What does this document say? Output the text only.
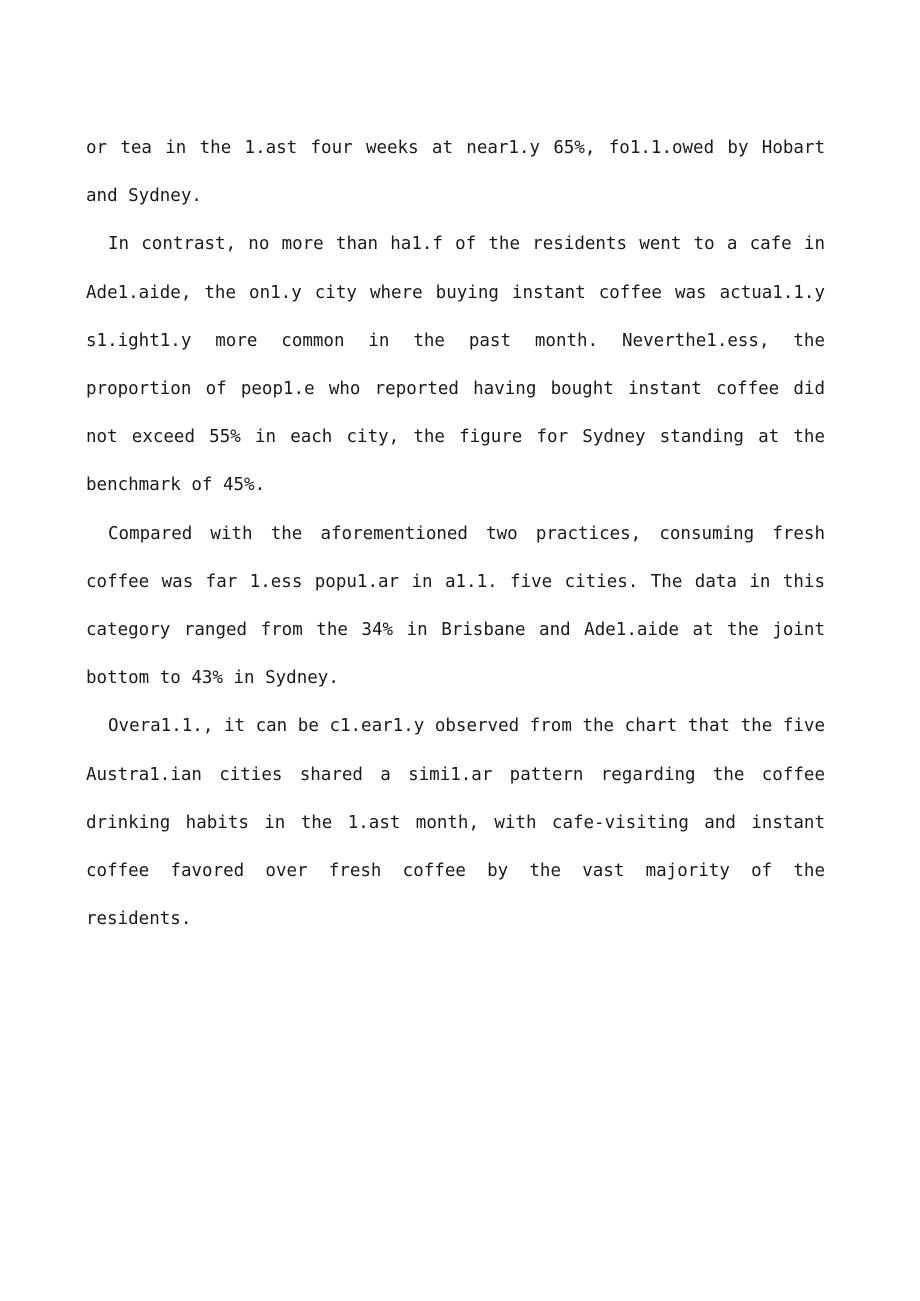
or tea in the 1.ast four weeks at near1.y 65%, fo1.1.owed by Hobart and Sydney.

In contrast, no more than ha1.f of the residents went to a cafe in Ade1.aide, the on1.y city where buying instant coffee was actua1.1.y s1.ight1.y more common in the past month. Neverthe1.ess, the proportion of peop1.e who reported having bought instant coffee did not exceed 55% in each city, the figure for Sydney standing at the benchmark of 45%.

Compared with the aforementioned two practices, consuming fresh coffee was far 1.ess popu1.ar in a1.1. five cities. The data in this category ranged from the 34% in Brisbane and Ade1.aide at the joint bottom to 43% in Sydney.

Overa1.1., it can be c1.ear1.y observed from the chart that the five Austra1.ian cities shared a simi1.ar pattern regarding the coffee drinking habits in the 1.ast month, with cafe-visiting and instant coffee favored over fresh coffee by the vast majority of the residents.
